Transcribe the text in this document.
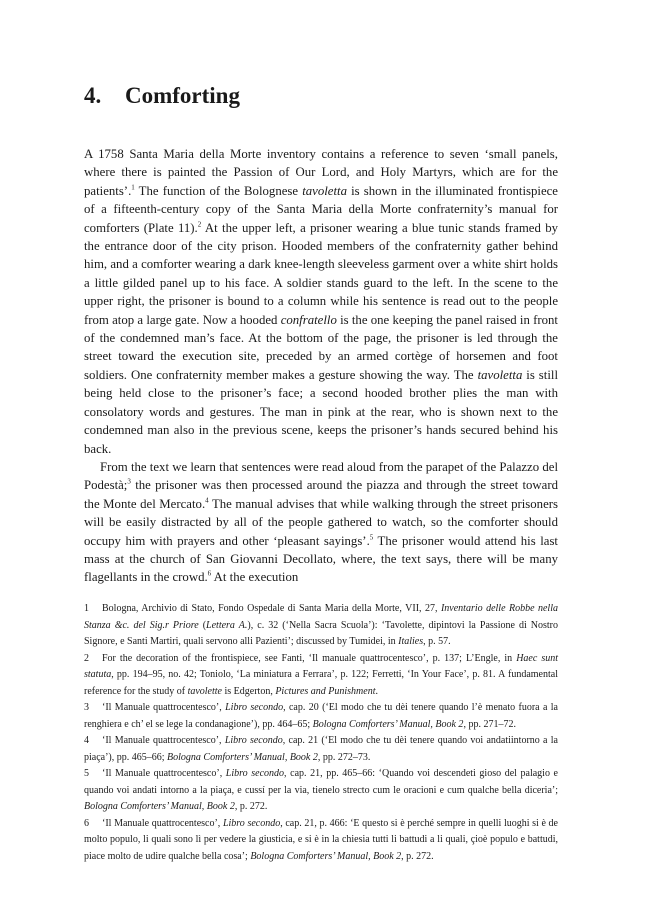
4. Comforting

A 1758 Santa Maria della Morte inventory contains a reference to seven ‘small panels, where there is painted the Passion of Our Lord, and Holy Martyrs, which are for the patients’.$^1$ The function of the Bolognese tavoletta is shown in the illuminated frontispiece of a fifteenth-century copy of the Santa Maria della Morte confraternity’s manual for comforters (Plate 11).$^2$ At the upper left, a prisoner wearing a blue tunic stands framed by the entrance door of the city prison. Hooded members of the confraternity gather behind him, and a comforter wearing a dark knee-length sleeveless garment over a white shirt holds a little gilded panel up to his face. A soldier stands guard to the left. In the scene to the upper right, the prisoner is bound to a column while his sentence is read out to the people from atop a large gate. Now a hooded confratello is the one keeping the panel raised in front of the condemned man’s face. At the bottom of the page, the prisoner is led through the street toward the execution site, preceded by an armed cortège of horsemen and foot soldiers. One confraternity member makes a gesture showing the way. The tavoletta is still being held close to the prisoner’s face; a second hooded brother plies the man with consolatory words and gestures. The man in pink at the rear, who is shown next to the condemned man also in the previous scene, keeps the prisoner’s hands secured behind his back.

From the text we learn that sentences were read aloud from the parapet of the Palazzo del Podestà;$^3$ the prisoner was then processed around the piazza and through the street toward the Monte del Mercato.$^4$ The manual advises that while walking through the street prisoners will be easily distracted by all of the people gathered to watch, so the comforter should occupy him with prayers and other ‘pleasant sayings’.$^5$ The prisoner would attend his last mass at the church of San Giovanni Decollato, where, the text says, there will be many flagellants in the crowd.$^6$ At the execution

1 Bologna, Archivio di Stato, Fondo Ospedale di Santa Maria della Morte, VII, 27, Inventario delle Robbe nella Stanza &c. del Sig.r Priore (Lettera A.), c. 32 (‘Nella Sacra Scuola’): ‘Tavolette, dipintovi la Passione di Nostro Signore, e Santi Martiri, quali servono alli Pazienti’; discussed by Tumidei, in Italies, p. 57.

2 For the decoration of the frontispiece, see Fanti, ‘Il manuale quattrocentesco’, p. 137; L’Engle, in Haec sunt statuta, pp. 194–95, no. 42; Toniolo, ‘La miniatura a Ferrara’, p. 122; Ferretti, ‘In Your Face’, p. 81. A fundamental reference for the study of tavolette is Edgerton, Pictures and Punishment.

3 ‘Il Manuale quattrocentesco’, Libro secondo, cap. 20 (‘El modo che tu dèi tenere quando l’è menato fuora a la renghiera e ch’ el se lege la condanagione’), pp. 464–65; Bologna Comforters’ Manual, Book 2, pp. 271–72.

4 ‘Il Manuale quattrocentesco’, Libro secondo, cap. 21 (‘El modo che tu dèi tenere quando voi andatiintorno a la piaça’), pp. 465–66; Bologna Comforters’ Manual, Book 2, pp. 272–73.

5 ‘Il Manuale quattrocentesco’, Libro secondo, cap. 21, pp. 465–66: ‘Quando voi descendeti gioso del palagio e quando voi andati intorno a la piaça, e cussí per la via, tienelo strecto cum le oracioni e cum qualche bella diceria’; Bologna Comforters’ Manual, Book 2, p. 272.

6 ‘Il Manuale quattrocentesco’, Libro secondo, cap. 21, p. 466: ‘E questo si è perché sempre in quelli luoghi si è de molto populo, li quali sono lì per vedere la giusticia, e si è in la chiesia tutti li battudi a li quali, çioè populo e battudi, piace molto de udire qualche bella cosa’; Bologna Comforters’ Manual, Book 2, p. 272.
